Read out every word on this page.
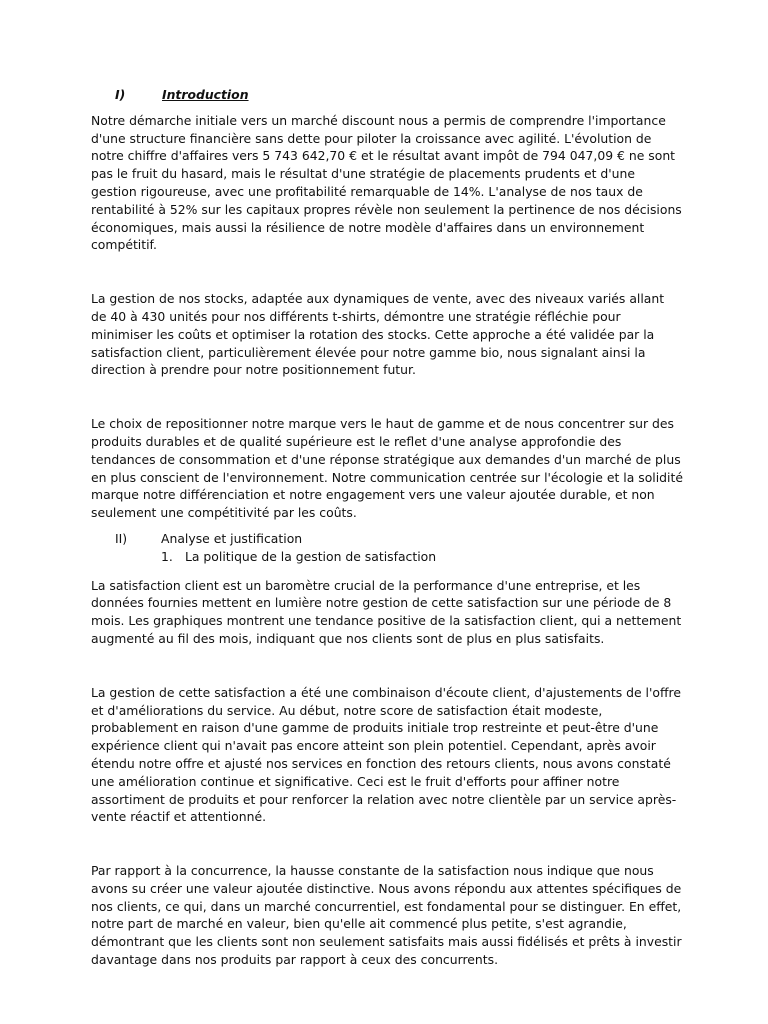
I)	Introduction

Notre démarche initiale vers un marché discount nous a permis de comprendre l'importance d'une structure financière sans dette pour piloter la croissance avec agilité. L'évolution de notre chiffre d'affaires vers 5 743 642,70 € et le résultat avant impôt de 794 047,09 € ne sont pas le fruit du hasard, mais le résultat d'une stratégie de placements prudents et d'une gestion rigoureuse, avec une profitabilité remarquable de 14%. L'analyse de nos taux de rentabilité à 52% sur les capitaux propres révèle non seulement la pertinence de nos décisions économiques, mais aussi la résilience de notre modèle d'affaires dans un environnement compétitif.

La gestion de nos stocks, adaptée aux dynamiques de vente, avec des niveaux variés allant de 40 à 430 unités pour nos différents t-shirts, démontre une stratégie réfléchie pour minimiser les coûts et optimiser la rotation des stocks. Cette approche a été validée par la satisfaction client, particulièrement élevée pour notre gamme bio, nous signalant ainsi la direction à prendre pour notre positionnement futur.

Le choix de repositionner notre marque vers le haut de gamme et de nous concentrer sur des produits durables et de qualité supérieure est le reflet d'une analyse approfondie des tendances de consommation et d'une réponse stratégique aux demandes d'un marché de plus en plus conscient de l'environnement. Notre communication centrée sur l'écologie et la solidité marque notre différenciation et notre engagement vers une valeur ajoutée durable, et non seulement une compétitivité par les coûts.

II)	Analyse et justification
1. La politique de la gestion de satisfaction

La satisfaction client est un baromètre crucial de la performance d'une entreprise, et les données fournies mettent en lumière notre gestion de cette satisfaction sur une période de 8 mois. Les graphiques montrent une tendance positive de la satisfaction client, qui a nettement augmenté au fil des mois, indiquant que nos clients sont de plus en plus satisfaits.

La gestion de cette satisfaction a été une combinaison d'écoute client, d'ajustements de l'offre et d'améliorations du service. Au début, notre score de satisfaction était modeste, probablement en raison d'une gamme de produits initiale trop restreinte et peut-être d'une expérience client qui n'avait pas encore atteint son plein potentiel. Cependant, après avoir étendu notre offre et ajusté nos services en fonction des retours clients, nous avons constaté une amélioration continue et significative. Ceci est le fruit d'efforts pour affiner notre assortiment de produits et pour renforcer la relation avec notre clientèle par un service après-vente réactif et attentionné.

Par rapport à la concurrence, la hausse constante de la satisfaction nous indique que nous avons su créer une valeur ajoutée distinctive. Nous avons répondu aux attentes spécifiques de nos clients, ce qui, dans un marché concurrentiel, est fondamental pour se distinguer. En effet, notre part de marché en valeur, bien qu'elle ait commencé plus petite, s'est agrandie, démontrant que les clients sont non seulement satisfaits mais aussi fidélisés et prêts à investir davantage dans nos produits par rapport à ceux des concurrents.
